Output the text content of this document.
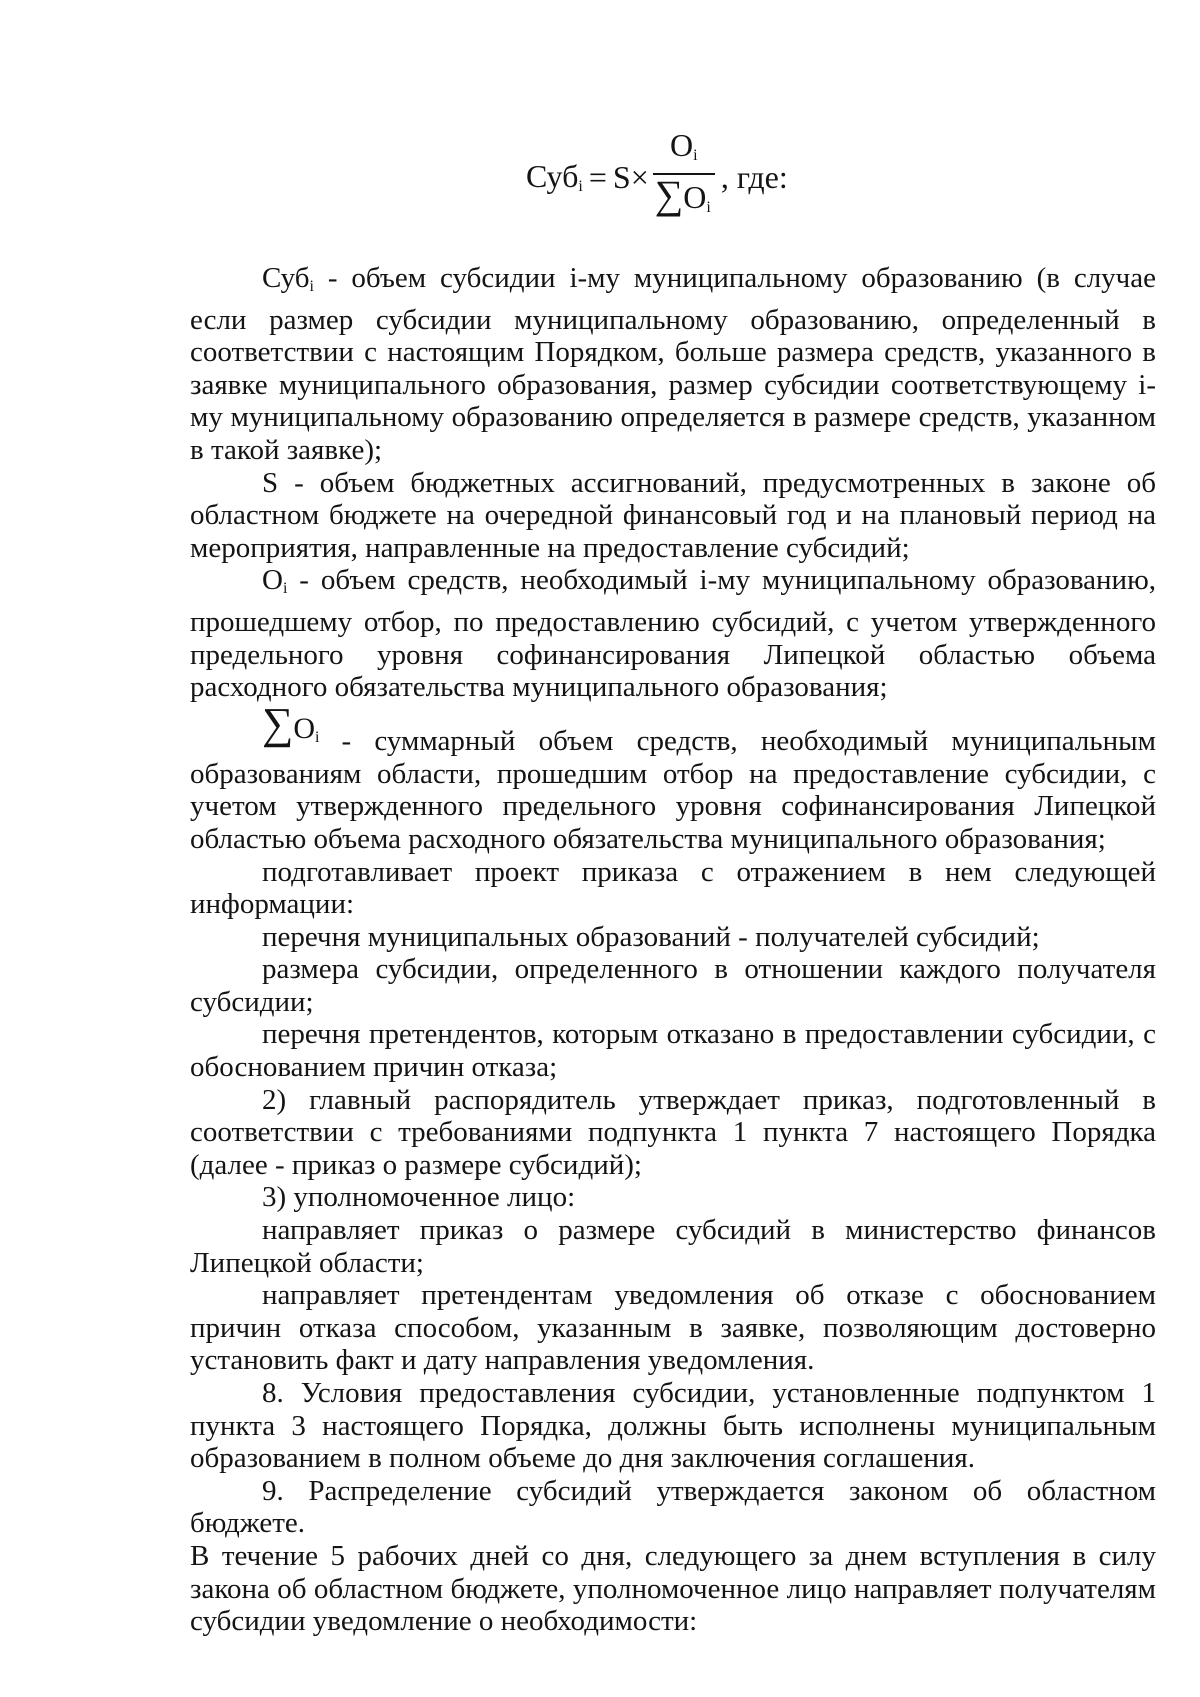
$Суб_i = S \times \frac{O_i}{\sum O_i}$ , где:

Суб$_i$ - объем субсидии i-му муниципальному образованию (в случае если размер субсидии муниципальному образованию, определенный в соответствии с настоящим Порядком, больше размера средств, указанного в заявке муниципального образования, размер субсидии соответствующему i-му муниципальному образованию определяется в размере средств, указанном в такой заявке);

S - объем бюджетных ассигнований, предусмотренных в законе об областном бюджете на очередной финансовый год и на плановый период на мероприятия, направленные на предоставление субсидий;

$O_i$ - объем средств, необходимый i-му муниципальному образованию, прошедшему отбор, по предоставлению субсидий, с учетом утвержденного предельного уровня софинансирования Липецкой областью объема расходного обязательства муниципального образования;

$\sum O_i$ - суммарный объем средств, необходимый муниципальным

образованиям области, прошедшим отбор на предоставление субсидии, с учетом утвержденного предельного уровня софинансирования Липецкой областью объема расходного обязательства муниципального образования;

подготавливает проект приказа с отражением в нем следующей информации:

перечня муниципальных образований - получателей субсидий;

размера субсидии, определенного в отношении каждого получателя субсидии;

перечня претендентов, которым отказано в предоставлении субсидии, с обоснованием причин отказа;

2) главный распорядитель утверждает приказ, подготовленный в соответствии с требованиями подпункта 1 пункта 7 настоящего Порядка (далее - приказ о размере субсидий);

3) уполномоченное лицо:

направляет приказ о размере субсидий в министерство финансов Липецкой области;

направляет претендентам уведомления об отказе с обоснованием причин отказа способом, указанным в заявке, позволяющим достоверно установить факт и дату направления уведомления.

8. Условия предоставления субсидии, установленные подпунктом 1 пункта 3 настоящего Порядка, должны быть исполнены муниципальным образованием в полном объеме до дня заключения соглашения.

9. Распределение субсидий утверждается законом об областном бюджете.

В течение 5 рабочих дней со дня, следующего за днем вступления в силу закона об областном бюджете, уполномоченное лицо направляет получателям субсидии уведомление о необходимости:
